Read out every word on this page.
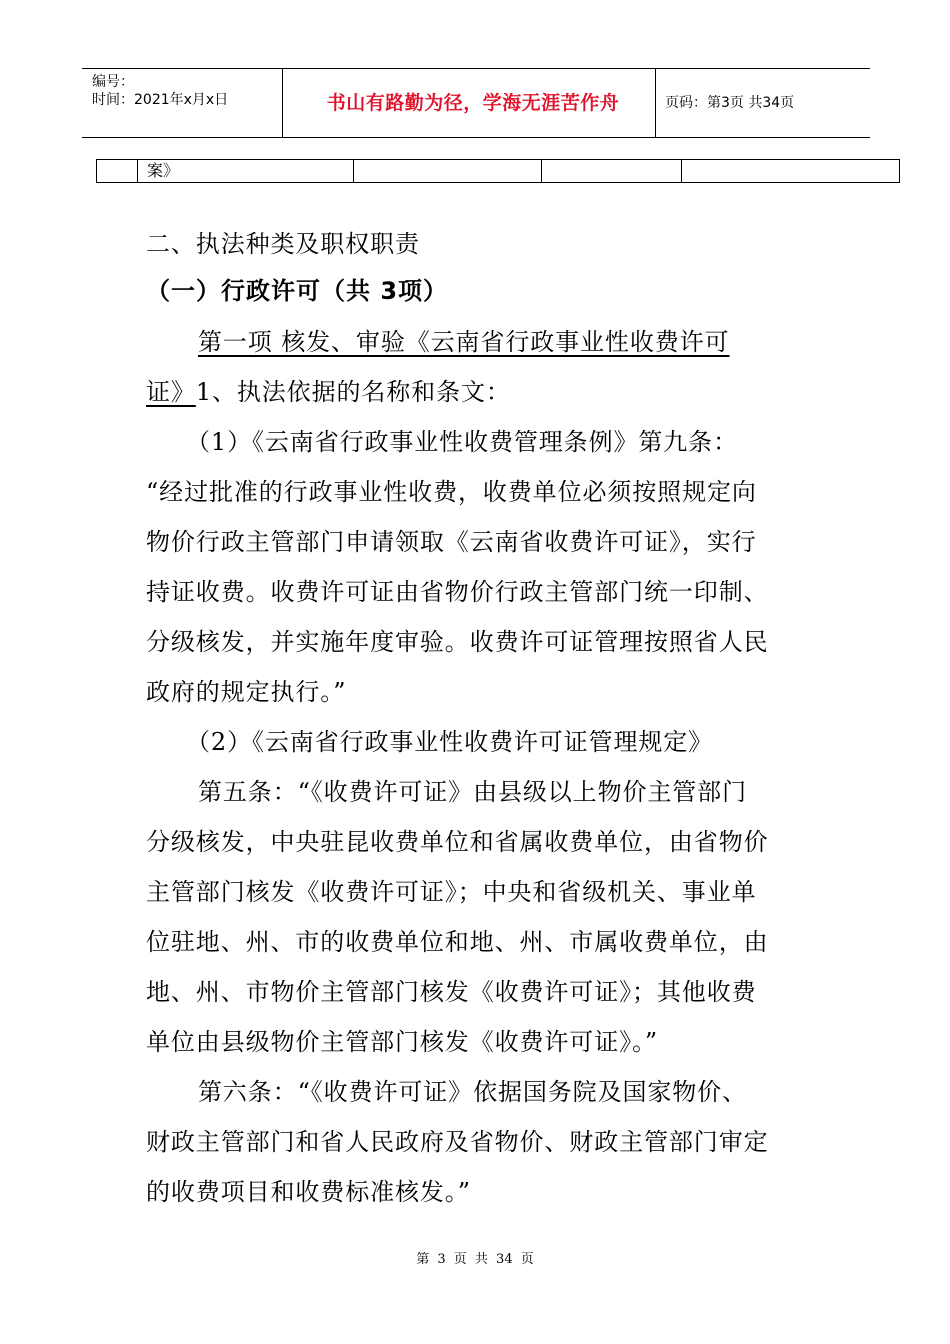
编号：
时间：2021年x月x日	书山有路勤为径，学海无涯苦作舟	页码：第3页 共34页
案》
二、执法种类及职权职责
（一）行政许可（共 3项）
第一项 核发、审验《云南省行政事业性收费许可
证》1、执法依据的名称和条文：
（1）《云南省行政事业性收费管理条例》第九条：
“经过批准的行政事业性收费，收费单位必须按照规定向
物价行政主管部门申请领取《云南省收费许可证》，实行
持证收费。收费许可证由省物价行政主管部门统一印制、
分级核发，并实施年度审验。收费许可证管理按照省人民
政府的规定执行。”
（2）《云南省行政事业性收费许可证管理规定》
第五条：“《收费许可证》由县级以上物价主管部门
分级核发，中央驻昆收费单位和省属收费单位，由省物价
主管部门核发《收费许可证》；中央和省级机关、事业单
位驻地、州、市的收费单位和地、州、市属收费单位，由
地、州、市物价主管部门核发《收费许可证》；其他收费
单位由县级物价主管部门核发《收费许可证》。”
第六条：“《收费许可证》依据国务院及国家物价、
财政主管部门和省人民政府及省物价、财政主管部门审定
的收费项目和收费标准核发。”
第 3 页 共 34 页
